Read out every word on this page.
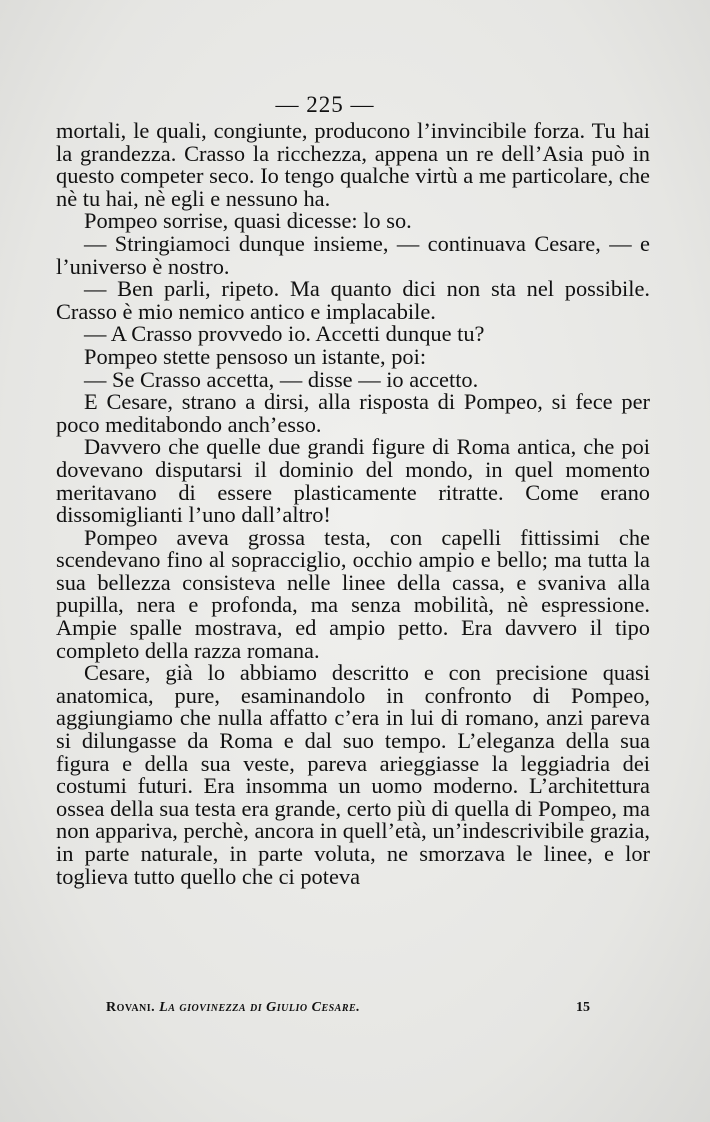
— 225 —

mortali, le quali, congiunte, producono l’invincibile forza. Tu hai la grandezza. Crasso la ricchezza, appena un re dell’Asia può in questo competer seco. Io tengo qualche virtù a me particolare, che nè tu hai, nè egli e nessuno ha.

Pompeo sorrise, quasi dicesse: lo so.

— Stringiamoci dunque insieme, — continuava Cesare, — e l’universo è nostro.

— Ben parli, ripeto. Ma quanto dici non sta nel possibile. Crasso è mio nemico antico e implacabile.

— A Crasso provvedo io. Accetti dunque tu?

Pompeo stette pensoso un istante, poi:

— Se Crasso accetta, — disse — io accetto.

E Cesare, strano a dirsi, alla risposta di Pompeo, si fece per poco meditabondo anch’esso.

Davvero che quelle due grandi figure di Roma antica, che poi dovevano disputarsi il dominio del mondo, in quel momento meritavano di essere plasticamente ritratte. Come erano dissomiglianti l’uno dall’altro!

Pompeo aveva grossa testa, con capelli fittissimi che scendevano fino al sopracciglio, occhio ampio e bello; ma tutta la sua bellezza consisteva nelle linee della cassa, e svaniva alla pupilla, nera e profonda, ma senza mobilità, nè espressione. Ampie spalle mostrava, ed ampio petto. Era davvero il tipo completo della razza romana.

Cesare, già lo abbiamo descritto e con precisione quasi anatomica, pure, esaminandolo in confronto di Pompeo, aggiungiamo che nulla affatto c’era in lui di romano, anzi pareva si dilungasse da Roma e dal suo tempo. L’eleganza della sua figura e della sua veste, pareva arieggiasse la leggiadria dei costumi futuri. Era insomma un uomo moderno. L’architettura ossea della sua testa era grande, certo più di quella di Pompeo, ma non appariva, perchè, ancora in quell’età, un’indescrivibile grazia, in parte naturale, in parte voluta, ne smorzava le linee, e lor toglieva tutto quello che ci poteva

Rovani. La giovinezza di Giulio Cesare.	15
